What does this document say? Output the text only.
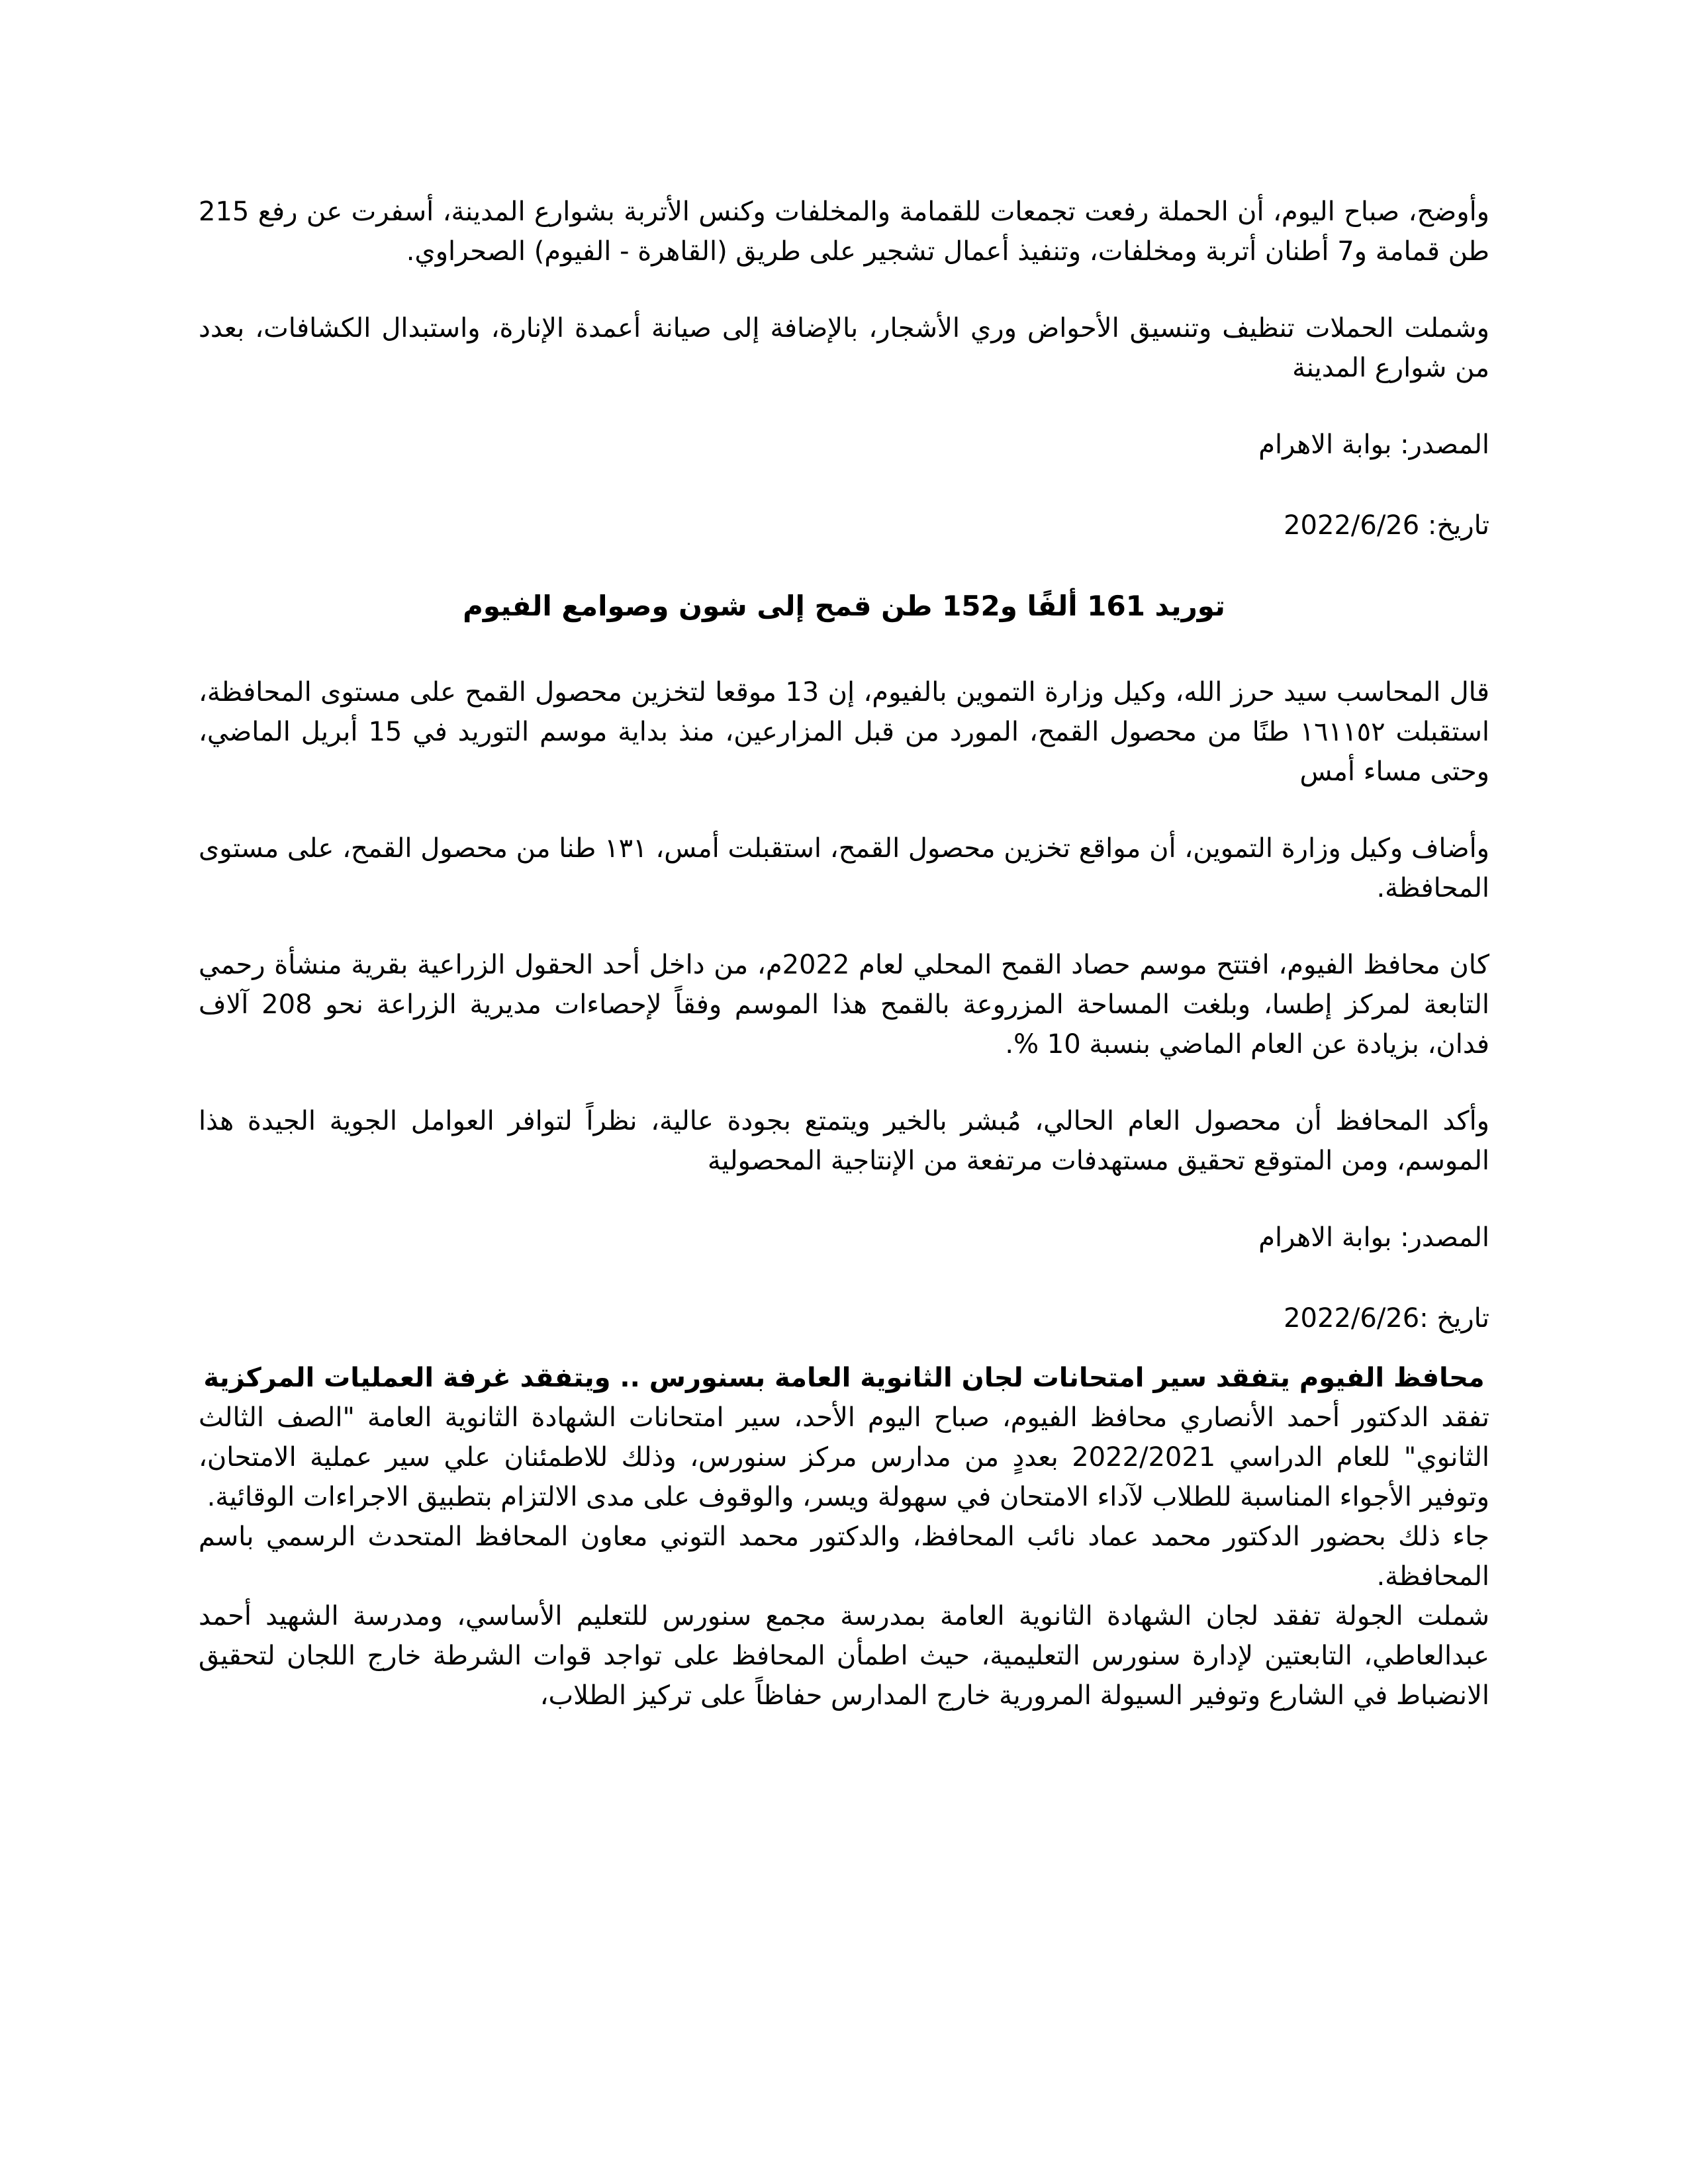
وأوضح، صباح اليوم، أن الحملة رفعت تجمعات للقمامة والمخلفات وكنس الأتربة بشوارع المدينة، أسفرت عن رفع 215 طن قمامة و7 أطنان أتربة ومخلفات، وتنفيذ أعمال تشجير على طريق (القاهرة - الفيوم) الصحراوي.

وشملت الحملات تنظيف وتنسيق الأحواض وري الأشجار، بالإضافة إلى صيانة أعمدة الإنارة، واستبدال الكشافات، بعدد من شوارع المدينة

المصدر: بوابة الاهرام

تاريخ: 2022/6/26

توريد 161 ألفًا و152 طن قمح إلى شون وصوامع الفيوم

قال المحاسب سيد حرز الله، وكيل وزارة التموين بالفيوم، إن 13 موقعا لتخزين محصول القمح على مستوى المحافظة، استقبلت ١٦١١٥٢ طنًا من محصول القمح، المورد من قبل المزارعين، منذ بداية موسم التوريد في 15 أبريل الماضي، وحتى مساء أمس

وأضاف وكيل وزارة التموين، أن مواقع تخزين محصول القمح، استقبلت أمس، ١٣١ طنا من محصول القمح، على مستوى المحافظة.

كان محافظ الفيوم، افتتح موسم حصاد القمح المحلي لعام 2022م، من داخل أحد الحقول الزراعية بقرية منشأة رحمي التابعة لمركز إطسا، وبلغت المساحة المزروعة بالقمح هذا الموسم وفقاً لإحصاءات مديرية الزراعة نحو 208 آلاف فدان، بزيادة عن العام الماضي بنسبة 10 %.

وأكد المحافظ أن محصول العام الحالي، مُبشر بالخير ويتمتع بجودة عالية، نظراً لتوافر العوامل الجوية الجيدة هذا الموسم، ومن المتوقع تحقيق مستهدفات مرتفعة من الإنتاجية المحصولية

المصدر: بوابة الاهرام

تاريخ :2022/6/26

محافظ الفيوم يتفقد سير امتحانات لجان الثانوية العامة بسنورس .. ويتفقد غرفة العمليات المركزية

تفقد الدكتور أحمد الأنصاري محافظ الفيوم، صباح اليوم الأحد، سير امتحانات الشهادة الثانوية العامة "الصف الثالث الثانوي" للعام الدراسي 2022/2021 بعددٍ من مدارس مركز سنورس، وذلك للاطمئنان علي سير عملية الامتحان، وتوفير الأجواء المناسبة للطلاب لآداء الامتحان في سهولة ويسر، والوقوف على مدى الالتزام بتطبيق الاجراءات الوقائية.

جاء ذلك بحضور الدكتور محمد عماد نائب المحافظ، والدكتور محمد التوني معاون المحافظ المتحدث الرسمي باسم المحافظة.

شملت الجولة تفقد لجان الشهادة الثانوية العامة بمدرسة مجمع سنورس للتعليم الأساسي، ومدرسة الشهيد أحمد عبدالعاطي، التابعتين لإدارة سنورس التعليمية، حيث اطمأن المحافظ على تواجد قوات الشرطة خارج اللجان لتحقيق الانضباط في الشارع وتوفير السيولة المرورية خارج المدارس حفاظاً على تركيز الطلاب،
